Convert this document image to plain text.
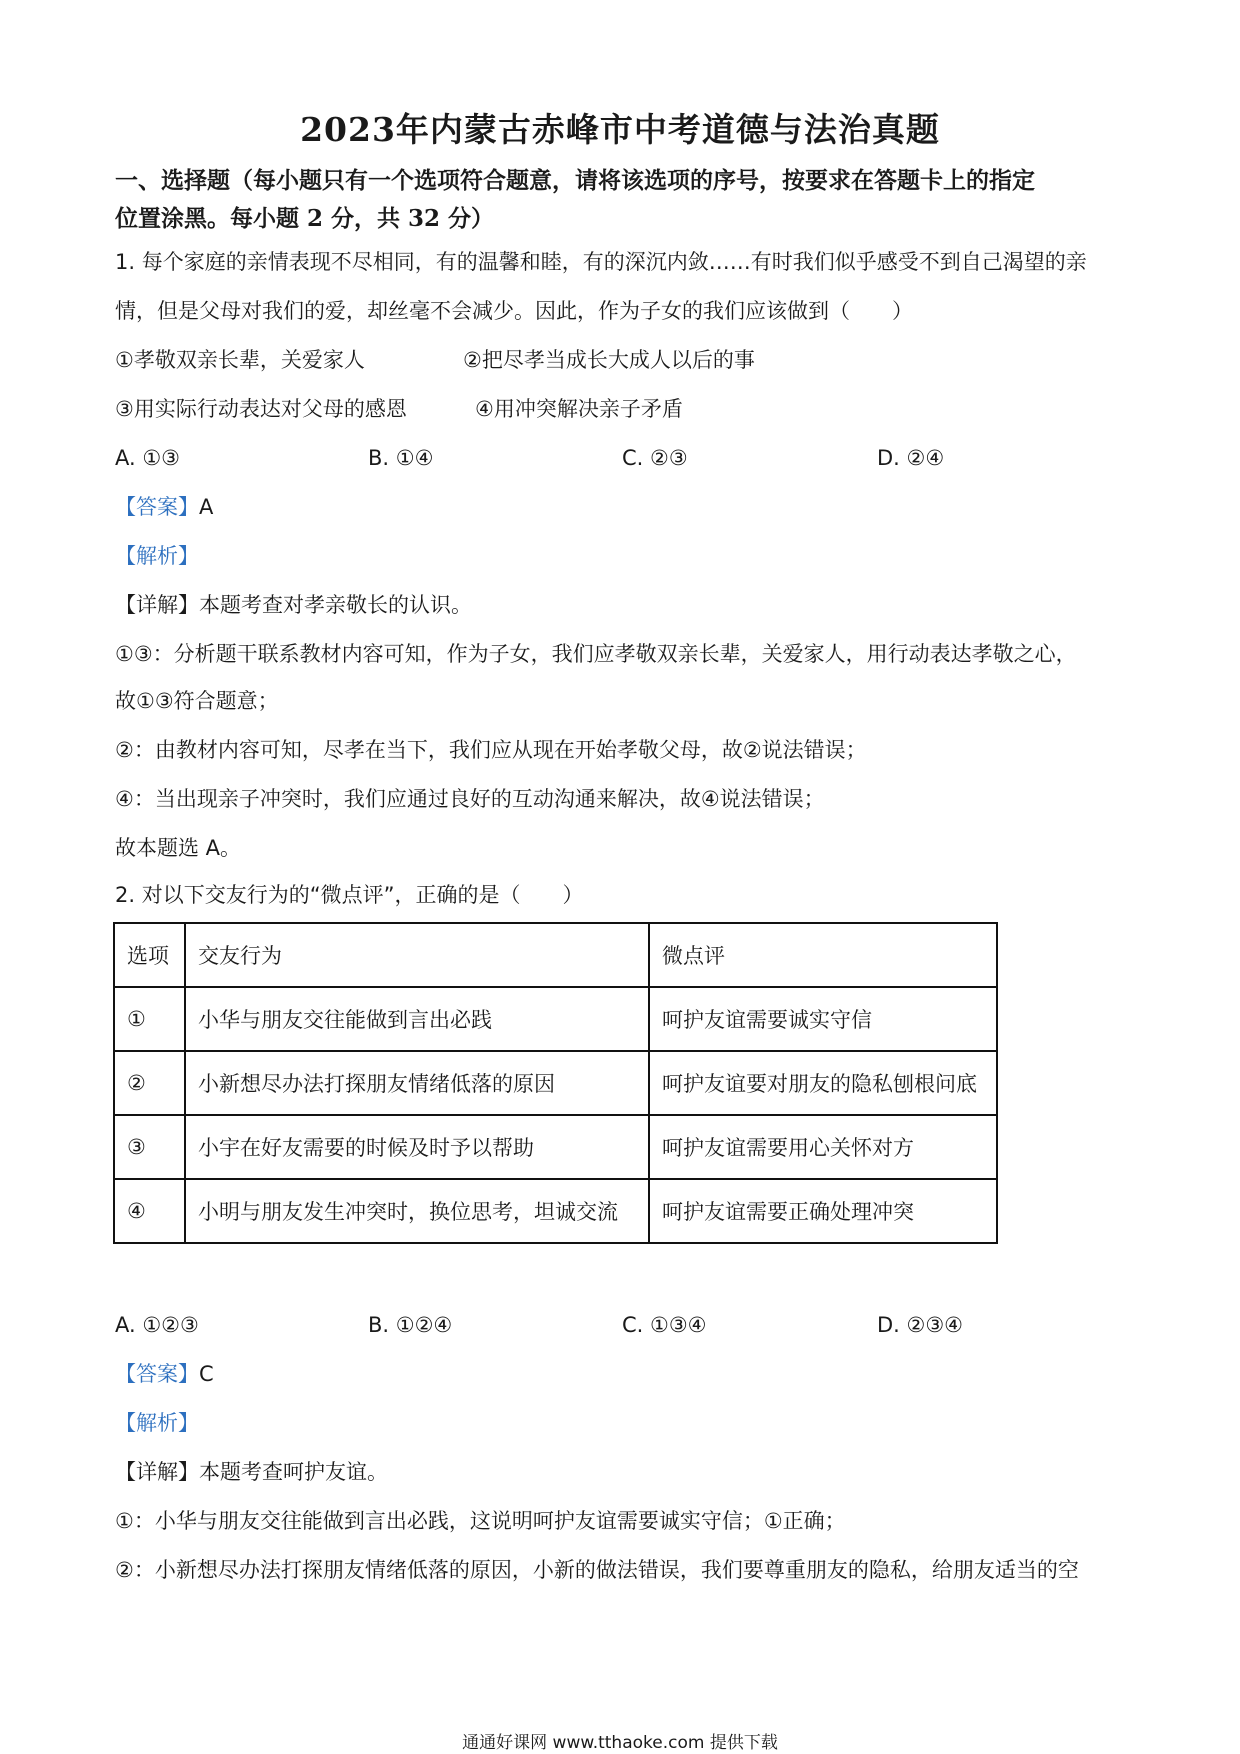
2023年内蒙古赤峰市中考道德与法治真题
一、选择题（每小题只有一个选项符合题意，请将该选项的序号，按要求在答题卡上的指定
位置涂黑。每小题 2 分，共 32 分）
1. 每个家庭的亲情表现不尽相同，有的温馨和睦，有的深沉内敛……有时我们似乎感受不到自己渴望的亲
情，但是父母对我们的爱，却丝毫不会减少。因此，作为子女的我们应该做到（　　）
①孝敬双亲长辈，关爱家人	②把尽孝当成长大成人以后的事
③用实际行动表达对父母的感恩	④用冲突解决亲子矛盾
A. ①③	B. ①④	C. ②③	D. ②④
【答案】A
【解析】
【详解】本题考查对孝亲敬长的认识。
①③：分析题干联系教材内容可知，作为子女，我们应孝敬双亲长辈，关爱家人，用行动表达孝敬之心，
故①③符合题意；
②：由教材内容可知，尽孝在当下，我们应从现在开始孝敬父母，故②说法错误；
④：当出现亲子冲突时，我们应通过良好的互动沟通来解决，故④说法错误；
故本题选 A。
2. 对以下交友行为的“微点评”，正确的是（　　）
选项	交友行为	微点评
①	小华与朋友交往能做到言出必践	呵护友谊需要诚实守信
②	小新想尽办法打探朋友情绪低落的原因	呵护友谊要对朋友的隐私刨根问底
③	小宇在好友需要的时候及时予以帮助	呵护友谊需要用心关怀对方
④	小明与朋友发生冲突时，换位思考，坦诚交流	呵护友谊需要正确处理冲突
A. ①②③	B. ①②④	C. ①③④	D. ②③④
【答案】C
【解析】
【详解】本题考查呵护友谊。
①：小华与朋友交往能做到言出必践，这说明呵护友谊需要诚实守信；①正确；
②：小新想尽办法打探朋友情绪低落的原因，小新的做法错误，我们要尊重朋友的隐私，给朋友适当的空
通通好课网 www.tthaoke.com 提供下载
